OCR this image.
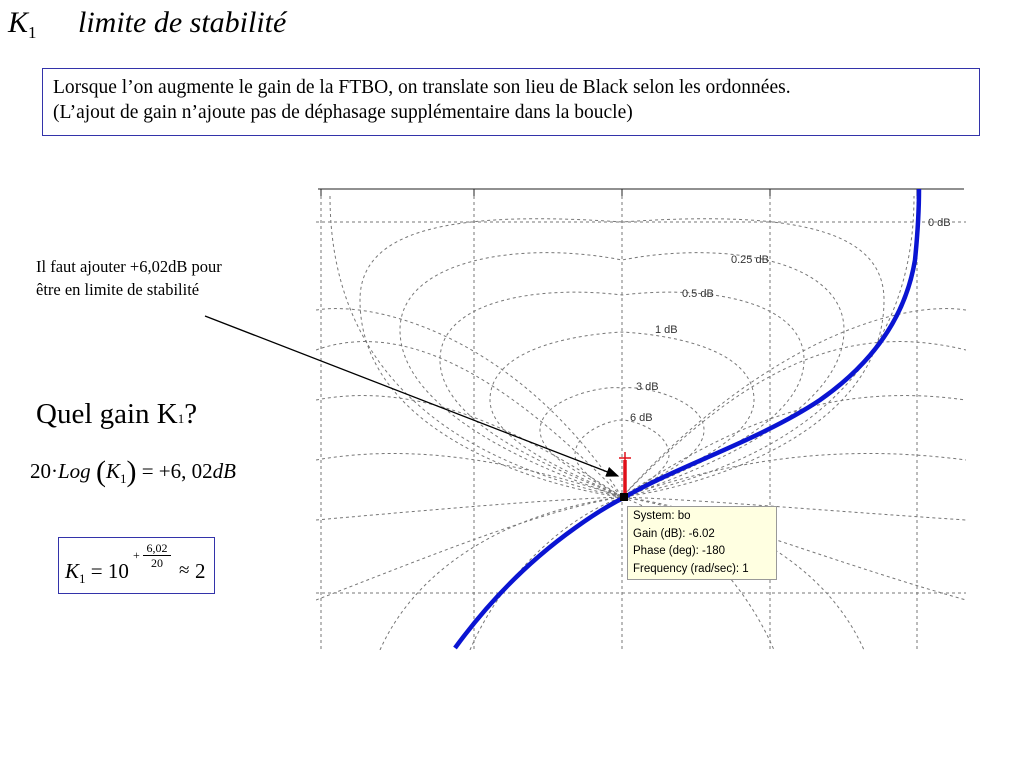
$K_1$ limite de stabilité
Lorsque l’on augmente le gain de la FTBO, on translate son lieu de Black selon les ordonnées.
(L’ajout de gain n’ajoute pas de déphasage supplémentaire dans la boucle)
Il faut ajouter +6,02dB pour
être en limite de stabilité
Quel gain K1?
20·Log $(K_1) = +6$, 02dB
$K_1 = 10$
+ $\frac{6,02}{20}$
≈ 2
0 dB
0.25 dB
0.5 dB
1 dB
3 dB
6 dB
System: bo
Gain (dB): -6.02
Phase (deg): -180
Frequency (rad/sec): 1
